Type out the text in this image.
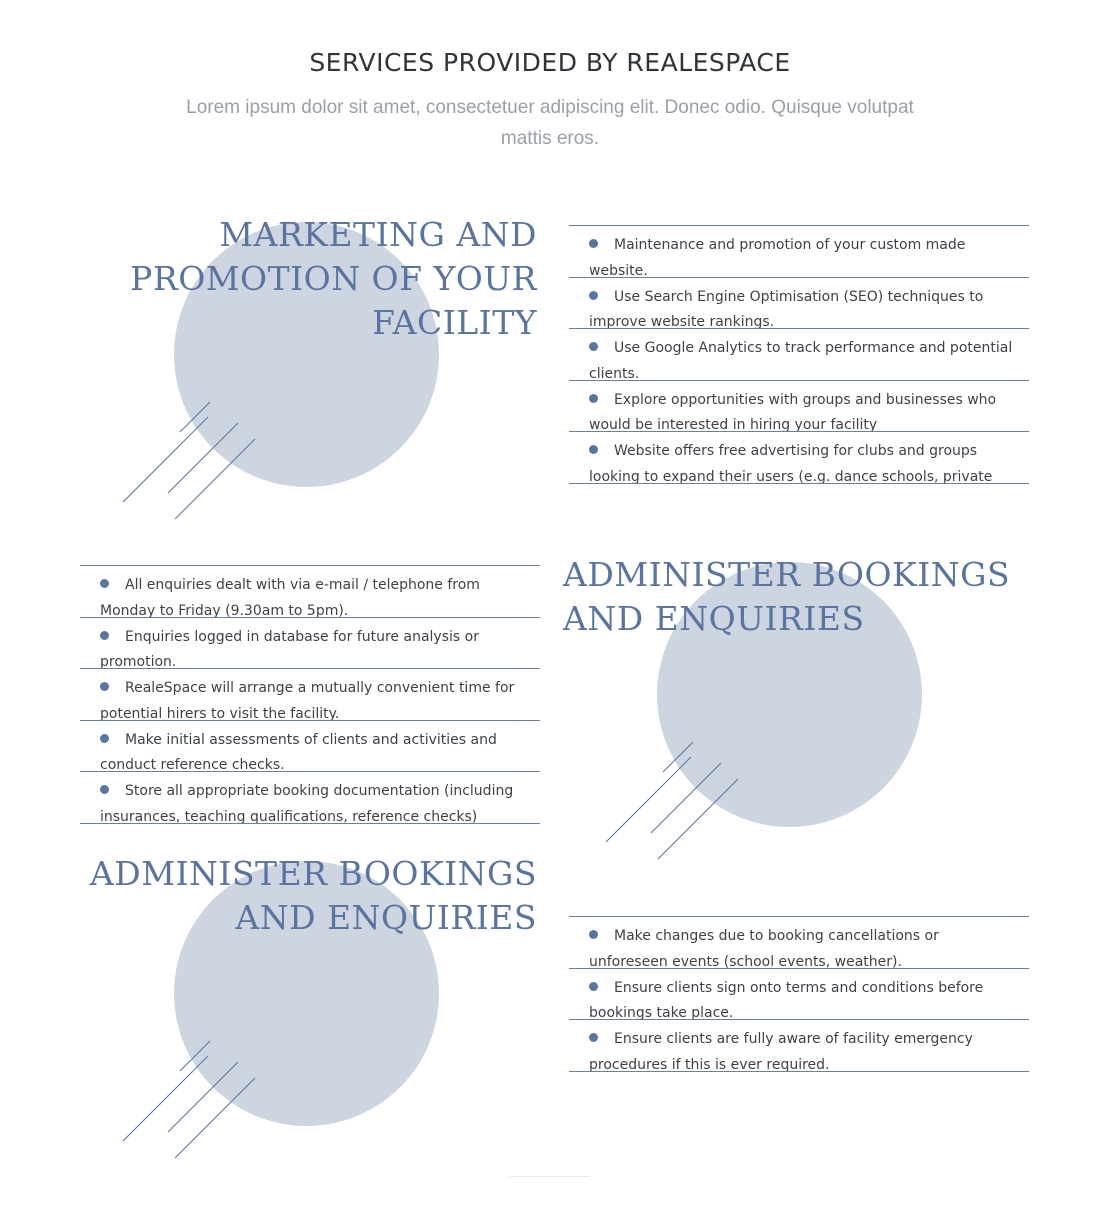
SERVICES PROVIDED BY REALESPACE

Lorem ipsum dolor sit amet, consectetuer adipiscing elit. Donec odio. Quisque volutpat mattis eros.

MARKETING AND
PROMOTION OF YOUR
FACILITY
Maintenance and promotion of your custom made website.
Use Search Engine Optimisation (SEO) techniques to improve website rankings.
Use Google Analytics to track performance and potential clients.
Explore opportunities with groups and businesses who would be interested in hiring your facility
Website offers free advertising for clubs and groups looking to expand their users (e.g. dance schools, private
ADMINISTER BOOKINGS
AND ENQUIRIES
All enquiries dealt with via e-mail / telephone from Monday to Friday (9.30am to 5pm).
Enquiries logged in database for future analysis or promotion.
RealeSpace will arrange a mutually convenient time for potential hirers to visit the facility.
Make initial assessments of clients and activities and conduct reference checks.
Store all appropriate booking documentation (including insurances, teaching qualifications, reference checks)
ADMINISTER BOOKINGS
AND ENQUIRIES	Make changes due to booking cancellations or unforeseen events (school events, weather).
Ensure clients sign onto terms and conditions before bookings take place.
Ensure clients are fully aware of facility emergency procedures if this is ever required.
